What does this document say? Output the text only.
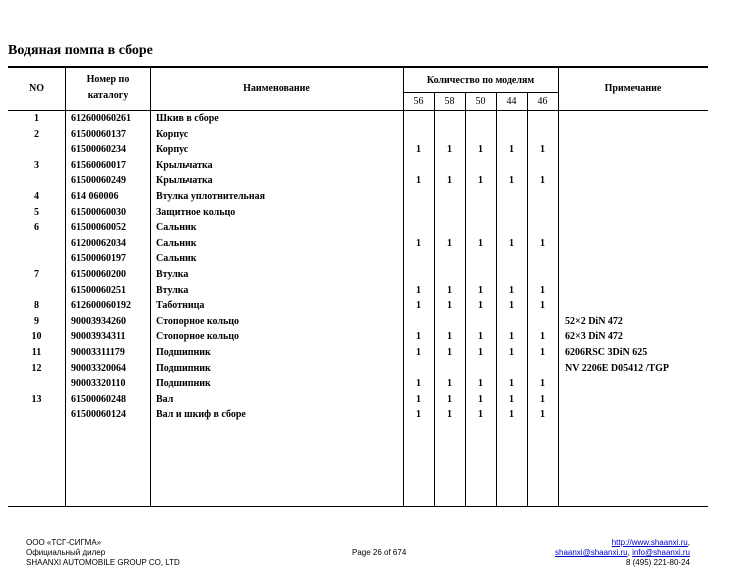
Водяная помпа в сборе
NO
Номер по каталогу
Наименование
Количество по моделям
Примечание
56	58	50	44	46
1	612600060261	Шкив в сборе
2	61500060137	Корпус
61500060234	Корпус	1	1	1	1	1
3	61560060017	Крыльчатка
61500060249	Крыльчатка	1	1	1	1	1
4	614 060006	Втулка уплотнительная
5	61500060030	Защитное кольцо
6	61500060052	Сальник
61200062034	Сальник	1	1	1	1	1
61500060197	Сальник
7	61500060200	Втулка
61500060251	Втулка	1	1	1	1	1
8	612600060192	Таботница	1	1	1	1	1
9	90003934260	Стопорное кольцо	52×2 DiN 472
10	90003934311	Стопорное кольцо	1	1	1	1	1	62×3 DiN 472
11	90003311179	Подшипник	1	1	1	1	1	6206RSC 3DiN 625
12	90003320064	Подшипник	NV 2206E D05412 /TGP
90003320110	Подшипник	1	1	1	1	1
13	61500060248	Вал	1	1	1	1	1
61500060124	Вал и шкиф в сборе	1	1	1	1	1
ООО «ТСГ-СИГМА»
Официальный дилер
SHAANXI AUTOMOBILE GROUP CO, LTD
Page 26 of 674
http://www.shaanxi.ru,
shaanxi@shaanxi.ru, info@shaanxi.ru
8 (495) 221-80-24
